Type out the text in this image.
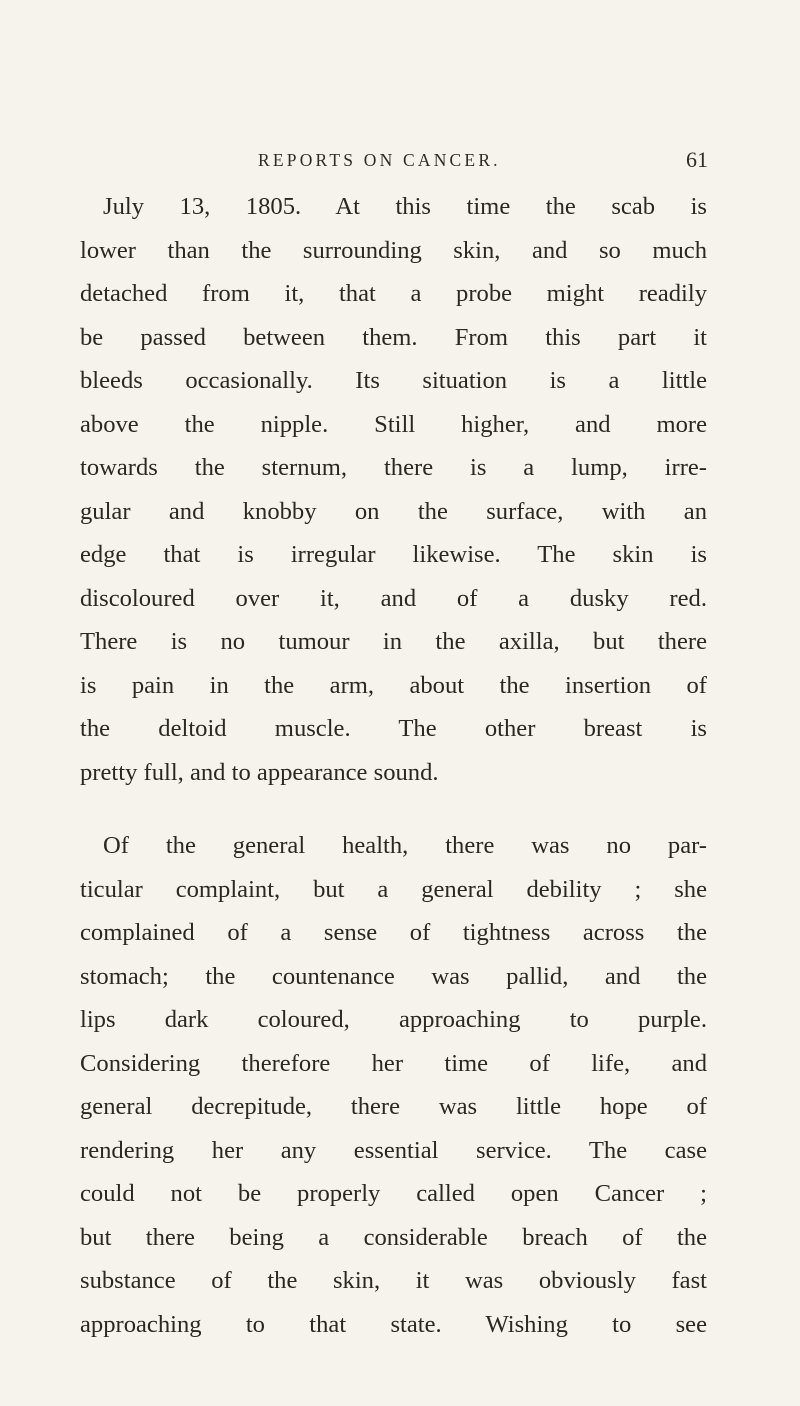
REPORTS ON CANCER.	61
July 13, 1805. At this time the scab is
lower than the surrounding skin, and so much
detached from it, that a probe might readily
be passed between them. From this part it
bleeds occasionally. Its situation is a little
above the nipple. Still higher, and more
towards the sternum, there is a lump, irre-
gular and knobby on the surface, with an
edge that is irregular likewise. The skin is
discoloured over it, and of a dusky red.
There is no tumour in the axilla, but there
is pain in the arm, about the insertion of
the deltoid muscle. The other breast is
pretty full, and to appearance sound.
Of the general health, there was no par-
ticular complaint, but a general debility ; she
complained of a sense of tightness across the
stomach; the countenance was pallid, and the
lips dark coloured, approaching to purple.
Considering therefore her time of life, and
general decrepitude, there was little hope of
rendering her any essential service. The case
could not be properly called open Cancer ;
but there being a considerable breach of the
substance of the skin, it was obviously fast
approaching to that state. Wishing to see
